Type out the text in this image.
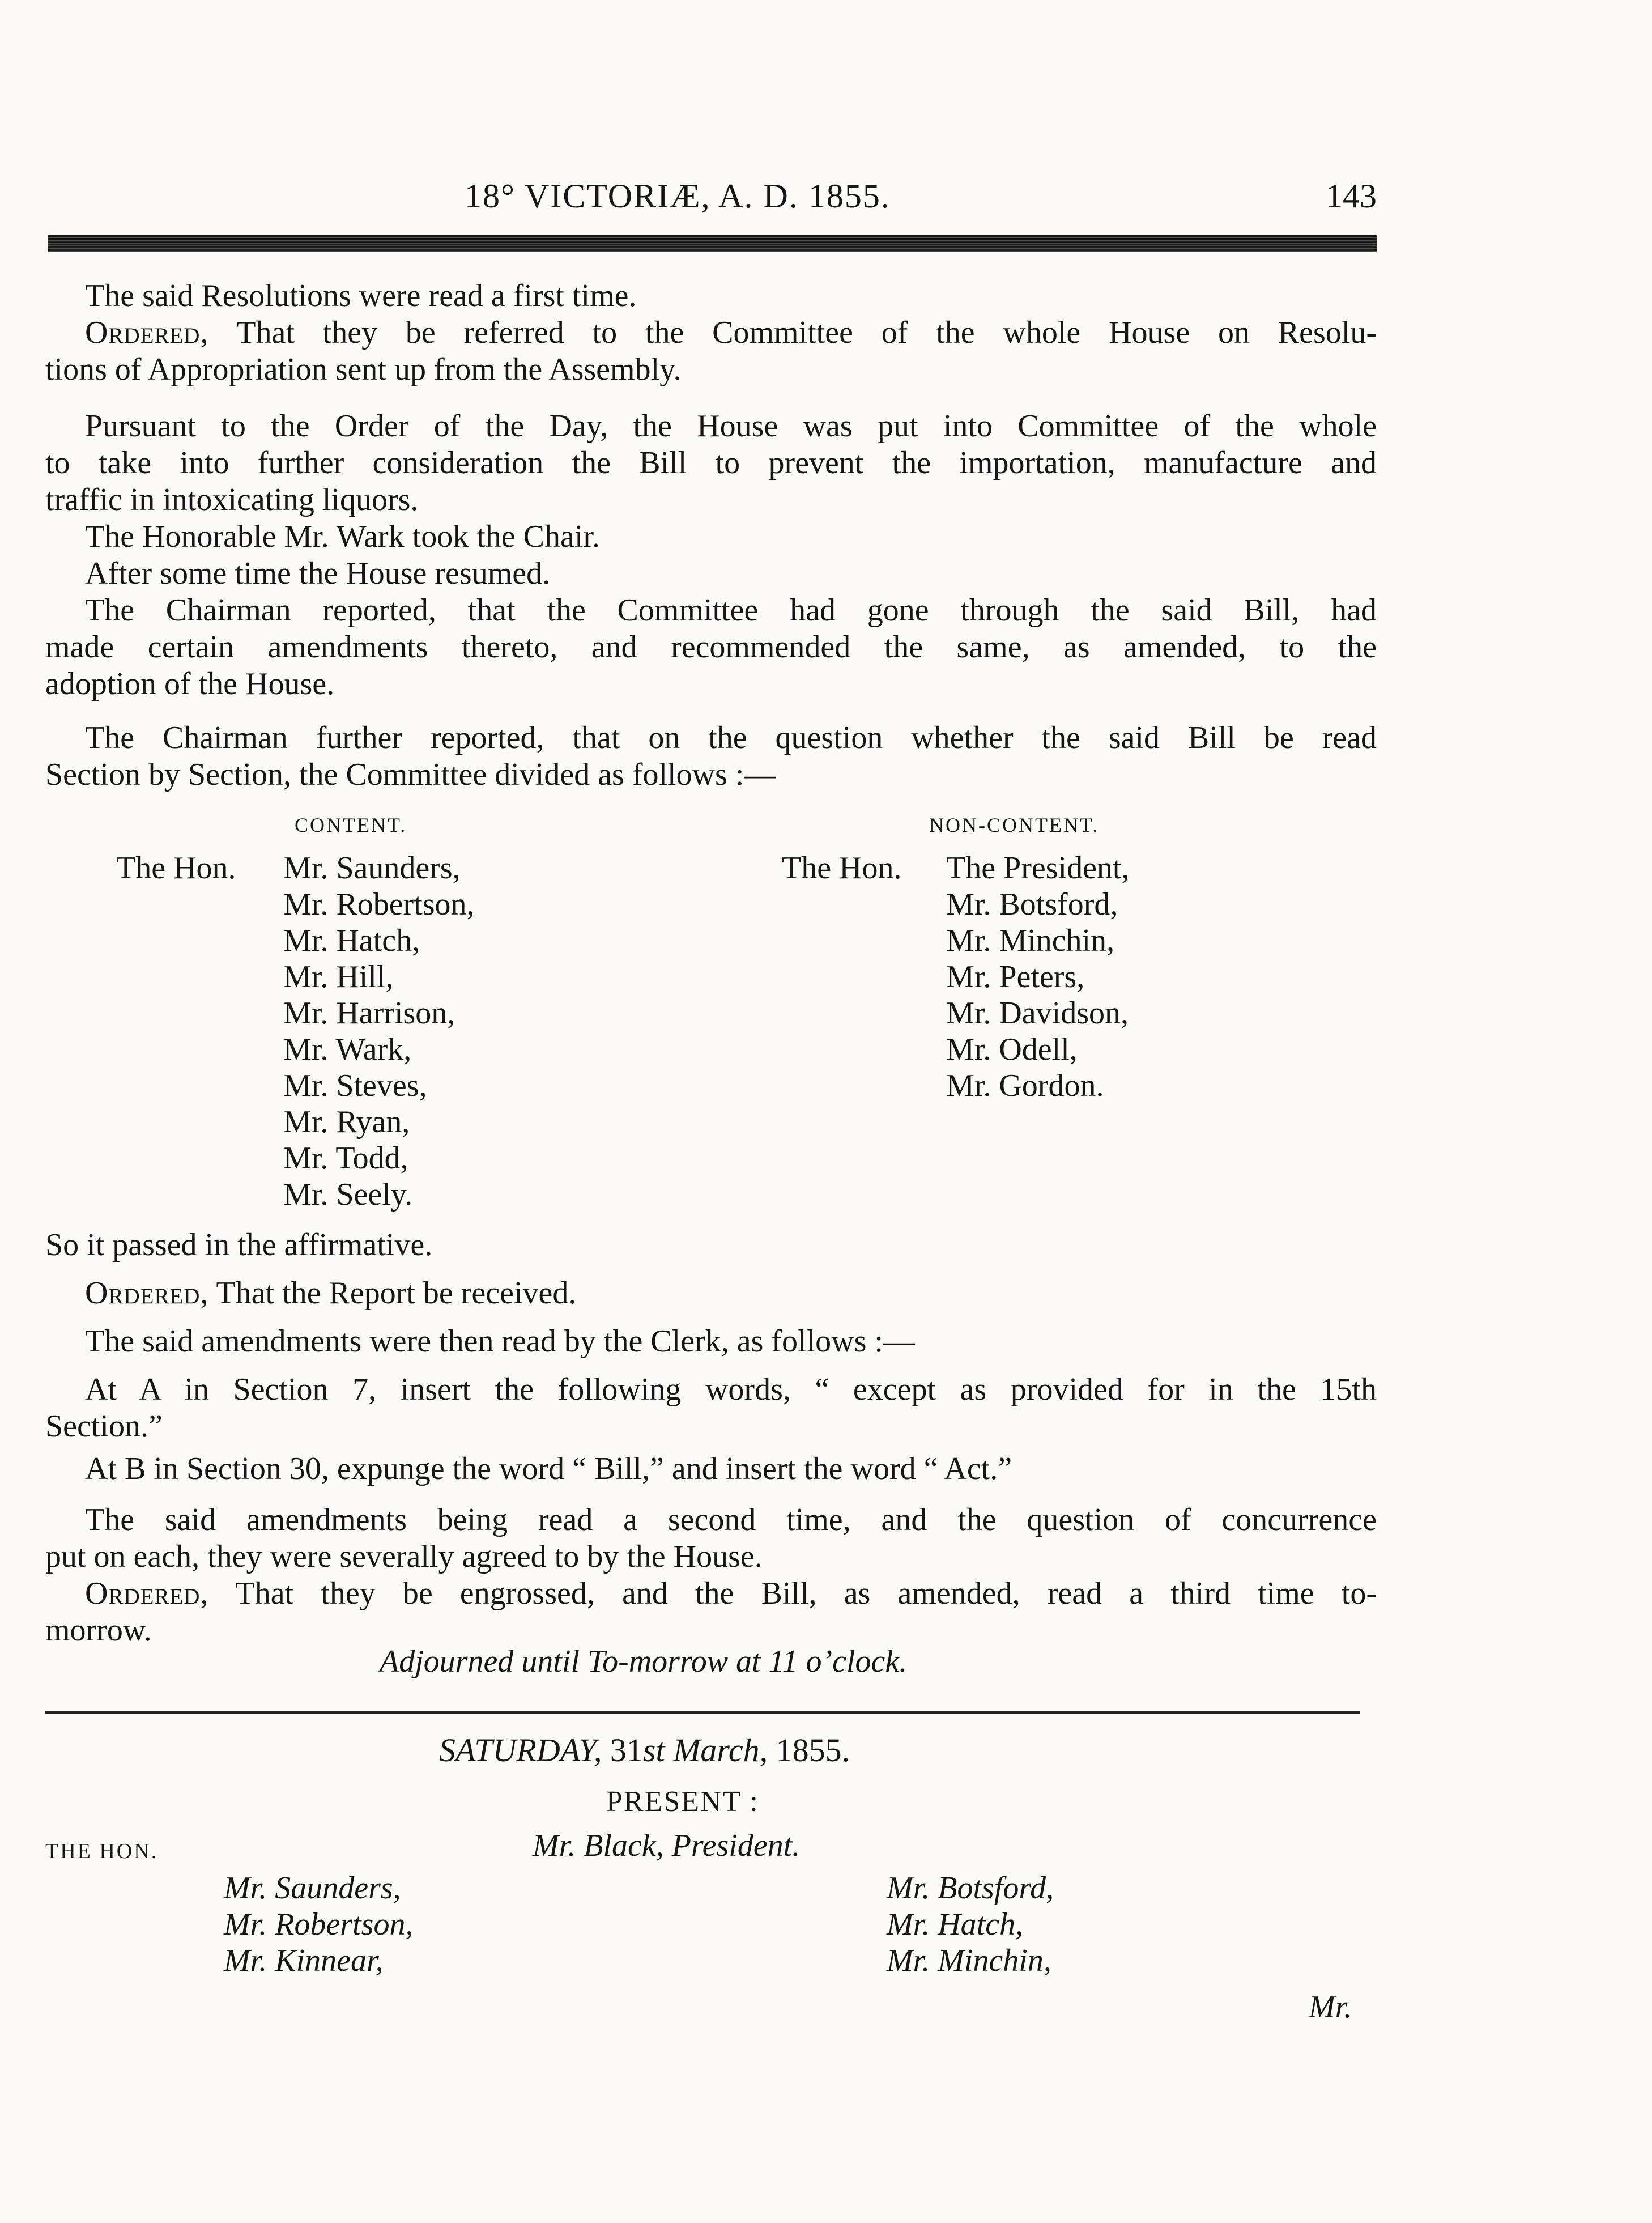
18° VICTORIÆ, A. D. 1855.	143
The said Resolutions were read a first time.
Ordered, That they be referred to the Committee of the whole House on Resolu-
tions of Appropriation sent up from the Assembly.
Pursuant to the Order of the Day, the House was put into Committee of the whole
to take into further consideration the Bill to prevent the importation, manufacture and
traffic in intoxicating liquors.
The Honorable Mr. Wark took the Chair.
After some time the House resumed.
The Chairman reported, that the Committee had gone through the said Bill, had
made certain amendments thereto, and recommended the same, as amended, to the
adoption of the House.
The Chairman further reported, that on the question whether the said Bill be read
Section by Section, the Committee divided as follows :—
CONTENT.	NON-CONTENT.
The Hon. Mr. Saunders,
Mr. Robertson,
Mr. Hatch,
Mr. Hill,
Mr. Harrison,
Mr. Wark,
Mr. Steves,
Mr. Ryan,
Mr. Todd,
Mr. Seely.
The Hon. The President,
Mr. Botsford,
Mr. Minchin,
Mr. Peters,
Mr. Davidson,
Mr. Odell,
Mr. Gordon.
So it passed in the affirmative.
Ordered, That the Report be received.
The said amendments were then read by the Clerk, as follows :—
At A in Section 7, insert the following words, “ except as provided for in the 15th
Section.”
At B in Section 30, expunge the word “ Bill,” and insert the word “ Act.”
The said amendments being read a second time, and the question of concurrence
put on each, they were severally agreed to by the House.
Ordered, That they be engrossed, and the Bill, as amended, read a third time to-
morrow.
Adjourned until To-morrow at 11 o’clock.
SATURDAY, 31st March, 1855.
PRESENT :
THE HON.	Mr. Black, President.
Mr. Saunders,
Mr. Robertson,
Mr. Kinnear,
Mr. Botsford,
Mr. Hatch,
Mr. Minchin,
Mr.
